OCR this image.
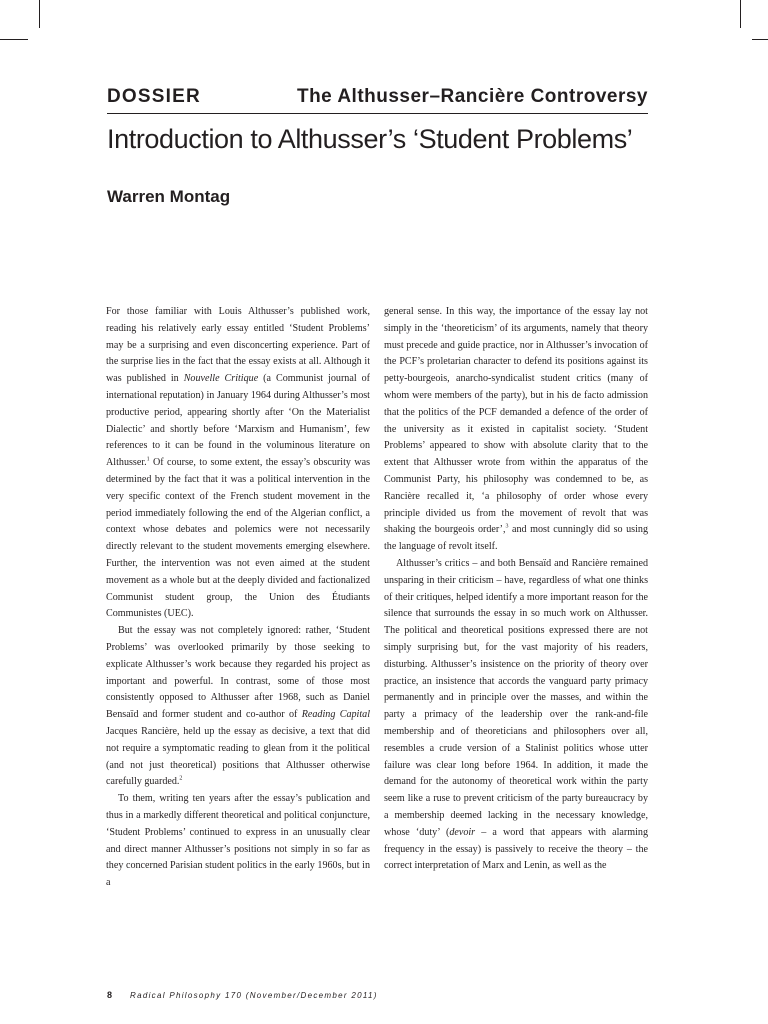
DOSSIER	The Althusser–Rancière Controversy
Introduction to Althusser’s ‘Student Problems’
Warren Montag

For those familiar with Louis Althusser’s published work, reading his relatively early essay entitled ‘Student Problems’ may be a surprising and even disconcerting experience. Part of the surprise lies in the fact that the essay exists at all. Although it was published in Nouvelle Critique (a Communist journal of international reputation) in January 1964 during Althusser’s most productive period, appearing shortly after ‘On the Materialist Dialectic’ and shortly before ‘Marxism and Humanism’, few references to it can be found in the voluminous literature on Althusser.$^1$ Of course, to some extent, the essay’s obscurity was determined by the fact that it was a political intervention in the very specific context of the French student movement in the period immediately following the end of the Algerian conflict, a context whose debates and polemics were not necessarily directly relevant to the student movements emerging elsewhere. Further, the intervention was not even aimed at the student movement as a whole but at the deeply divided and factionalized Communist student group, the Union des Étudiants Communistes (UEC).

But the essay was not completely ignored: rather, ‘Student Problems’ was overlooked primarily by those seeking to explicate Althusser’s work because they regarded his project as important and powerful. In contrast, some of those most consistently opposed to Althusser after 1968, such as Daniel Bensaïd and former student and co-author of Reading Capital Jacques Rancière, held up the essay as decisive, a text that did not require a symptomatic reading to glean from it the political (and not just theoretical) positions that Althusser otherwise carefully guarded.$^2$

To them, writing ten years after the essay’s publication and thus in a markedly different theoretical and political conjuncture, ‘Student Problems’ continued to express in an unusually clear and direct manner Althusser’s positions not simply in so far as they concerned Parisian student politics in the early 1960s, but in a

general sense. In this way, the importance of the essay lay not simply in the ‘theoreticism’ of its arguments, namely that theory must precede and guide practice, nor in Althusser’s invocation of the PCF’s proletarian character to defend its positions against its petty-bourgeois, anarcho-syndicalist student critics (many of whom were members of the party), but in his de facto admission that the politics of the PCF demanded a defence of the order of the university as it existed in capitalist society. ‘Student Problems’ appeared to show with absolute clarity that to the extent that Althusser wrote from within the apparatus of the Communist Party, his philosophy was condemned to be, as Rancière recalled it, ‘a philosophy of order whose every principle divided us from the movement of revolt that was shaking the bourgeois order’,$^3$ and most cunningly did so using the language of revolt itself.

Althusser’s critics – and both Bensaïd and Rancière remained unsparing in their criticism – have, regardless of what one thinks of their critiques, helped identify a more important reason for the silence that surrounds the essay in so much work on Althusser. The political and theoretical positions expressed there are not simply surprising but, for the vast majority of his readers, disturbing. Althusser’s insistence on the priority of theory over practice, an insistence that accords the vanguard party primacy permanently and in principle over the masses, and within the party a primacy of the leadership over the rank-and-file membership and of theoreticians and philosophers over all, resembles a crude version of a Stalinist politics whose utter failure was clear long before 1964. In addition, it made the demand for the autonomy of theoretical work within the party seem like a ruse to prevent criticism of the party bureaucracy by a membership deemed lacking in the necessary knowledge, whose ‘duty’ (devoir – a word that appears with alarming frequency in the essay) is passively to receive the theory – the correct interpretation of Marx and Lenin, as well as the

8 Radical Philosophy 170 (November/December 2011)
